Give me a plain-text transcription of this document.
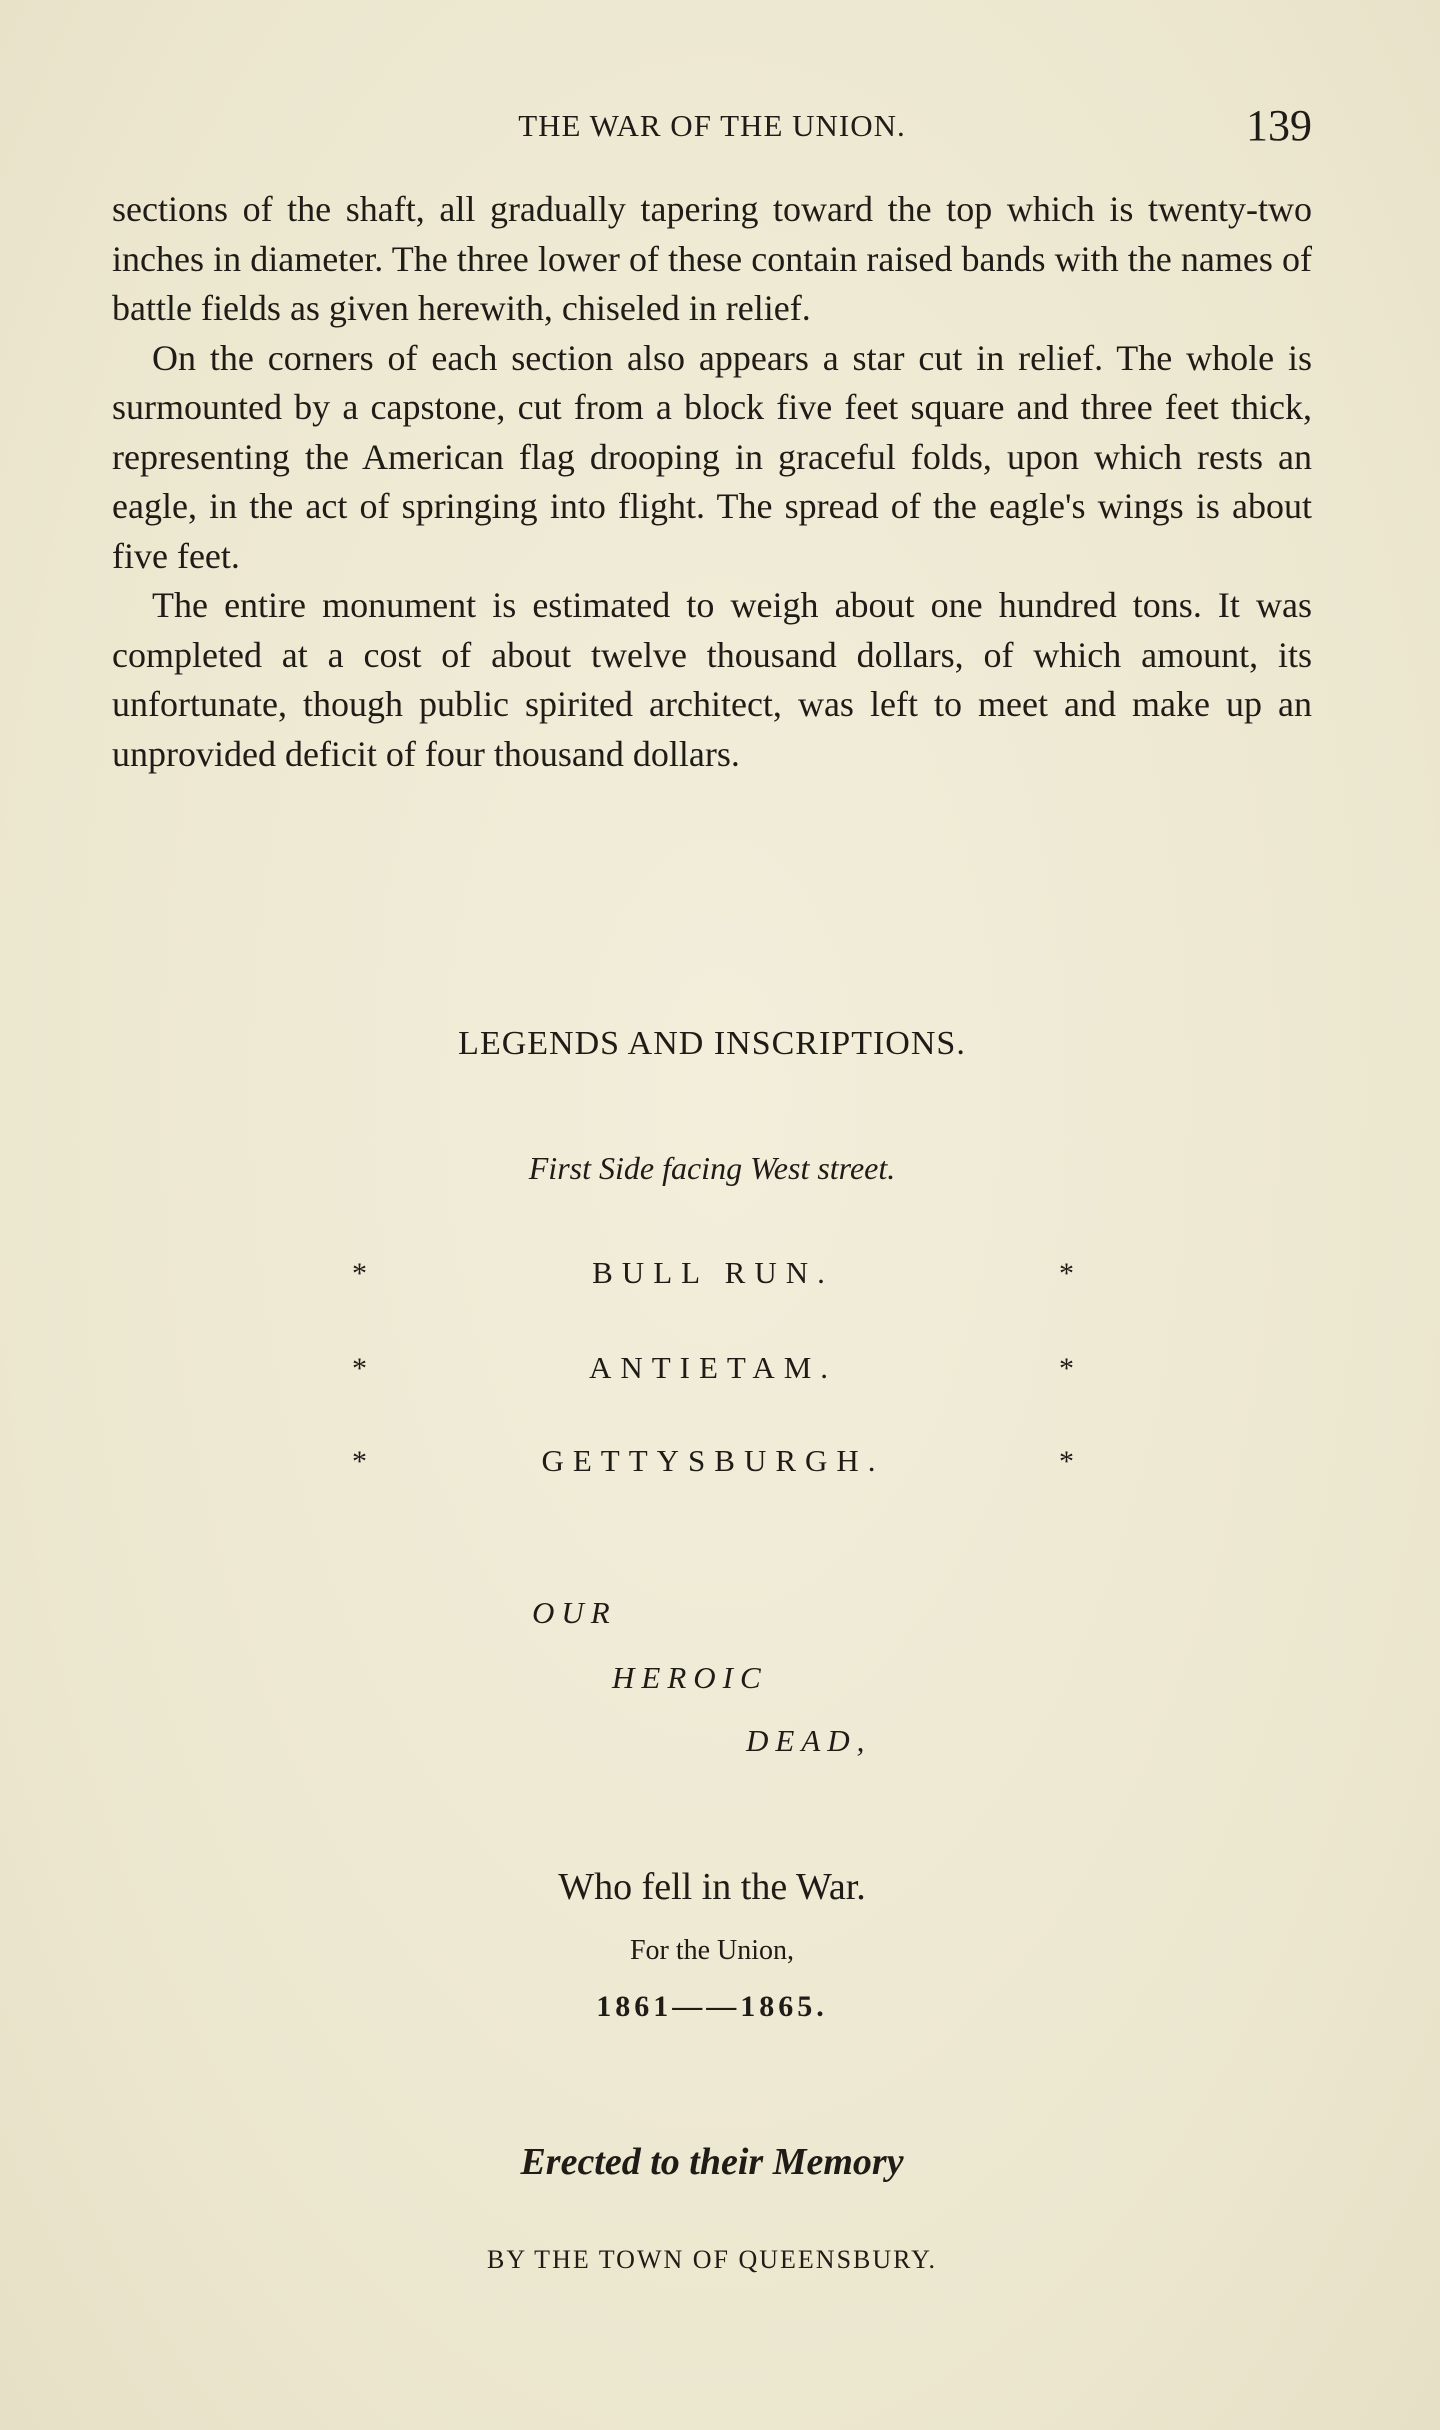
THE WAR OF THE UNION.	139

sections of the shaft, all gradually tapering toward the top which is twenty-two inches in diameter. The three lower of these contain raised bands with the names of battle fields as given herewith, chiseled in relief.

On the corners of each section also appears a star cut in relief. The whole is surmounted by a capstone, cut from a block five feet square and three feet thick, representing the American flag drooping in graceful folds, upon which rests an eagle, in the act of springing into flight. The spread of the eagle's wings is about five feet.

The entire monument is estimated to weigh about one hundred tons. It was completed at a cost of about twelve thousand dollars, of which amount, its unfortunate, though public spirited architect, was left to meet and make up an unprovided deficit of four thousand dollars.

LEGENDS AND INSCRIPTIONS.
First Side facing West street.
*	BULL RUN.	*
*	ANTIETAM.	*
*	GETTYSBURGH.	*
OUR
HEROIC
DEAD,
Who fell in the War.
For the Union,
1861——1865.
Erected to their Memory
BY THE TOWN OF QUEENSBURY.
